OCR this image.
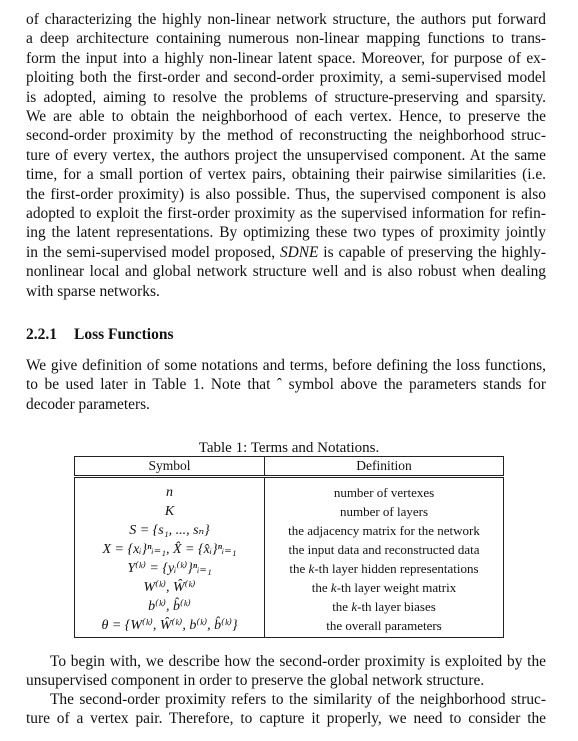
of characterizing the highly non-linear network structure, the authors put forward
a deep architecture containing numerous non-linear mapping functions to trans-
form the input into a highly non-linear latent space. Moreover, for purpose of ex-
ploiting both the first-order and second-order proximity, a semi-supervised model
is adopted, aiming to resolve the problems of structure-preserving and sparsity.
We are able to obtain the neighborhood of each vertex. Hence, to preserve the
second-order proximity by the method of reconstructing the neighborhood struc-
ture of every vertex, the authors project the unsupervised component. At the same
time, for a small portion of vertex pairs, obtaining their pairwise similarities (i.e.
the first-order proximity) is also possible. Thus, the supervised component is also
adopted to exploit the first-order proximity as the supervised information for refin-
ing the latent representations. By optimizing these two types of proximity jointly
in the semi-supervised model proposed, SDNE is capable of preserving the highly-
nonlinear local and global network structure well and is also robust when dealing
with sparse networks.
2.2.1 Loss Functions
We give definition of some notations and terms, before defining the loss functions,
to be used later in Table 1. Note that ˆ symbol above the parameters stands for
decoder parameters.
Table 1: Terms and Notations.
Symbol	Definition
n	number of vertexes
K	number of layers
S = {s₁, ..., sₙ}	the adjacency matrix for the network
X = {xᵢ}ⁿᵢ₌₁, X̂ = {x̂ᵢ}ⁿᵢ₌₁	the input data and reconstructed data
Y⁽ᵏ⁾ = {yᵢ⁽ᵏ⁾}ⁿᵢ₌₁	the k-th layer hidden representations
W⁽ᵏ⁾, Ŵ⁽ᵏ⁾	the k-th layer weight matrix
b⁽ᵏ⁾, b̂⁽ᵏ⁾	the k-th layer biases
θ = {W⁽ᵏ⁾, Ŵ⁽ᵏ⁾, b⁽ᵏ⁾, b̂⁽ᵏ⁾}	the overall parameters
To begin with, we describe how the second-order proximity is exploited by the
unsupervised component in order to preserve the global network structure.
The second-order proximity refers to the similarity of the neighborhood struc-
ture of a vertex pair. Therefore, to capture it properly, we need to consider the
